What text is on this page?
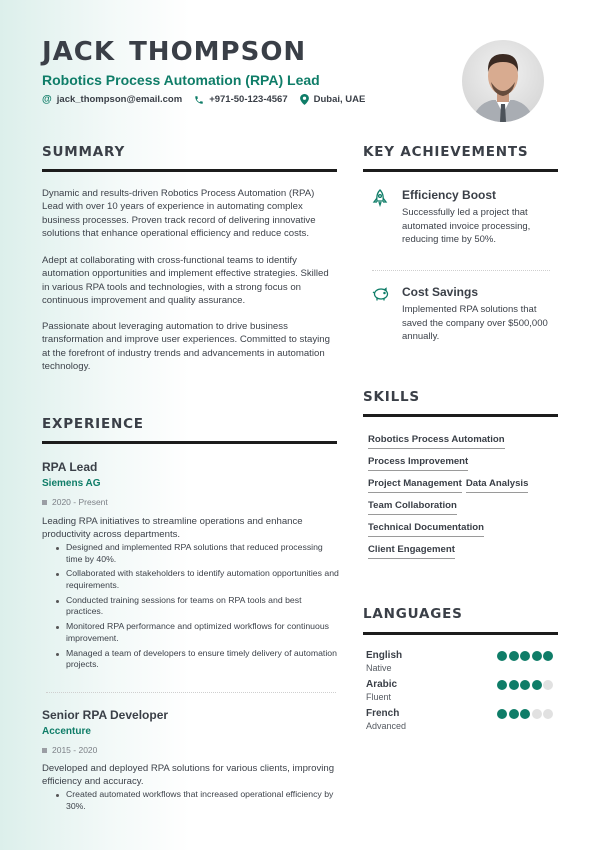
JACK THOMPSON
Robotics Process Automation (RPA) Lead
@ jack_thompson@email.com	+971-50-123-4567	Dubai, UAE
SUMMARY
Dynamic and results-driven Robotics Process Automation (RPA) Lead with over 10 years of experience in automating complex business processes. Proven track record of delivering innovative solutions that enhance operational efficiency and reduce costs.
Adept at collaborating with cross-functional teams to identify automation opportunities and implement effective strategies. Skilled in various RPA tools and technologies, with a strong focus on continuous improvement and quality assurance.
Passionate about leveraging automation to drive business transformation and improve user experiences. Committed to staying at the forefront of industry trends and advancements in automation technology.
EXPERIENCE
RPA Lead
Siemens AG
2020 - Present
Leading RPA initiatives to streamline operations and enhance productivity across departments.
Designed and implemented RPA solutions that reduced processing time by 40%.
Collaborated with stakeholders to identify automation opportunities and requirements.
Conducted training sessions for teams on RPA tools and best practices.
Monitored RPA performance and optimized workflows for continuous improvement.
Managed a team of developers to ensure timely delivery of automation projects.
Senior RPA Developer
Accenture
2015 - 2020
Developed and deployed RPA solutions for various clients, improving efficiency and accuracy.
Created automated workflows that increased operational efficiency by 30%.
KEY ACHIEVEMENTS
Efficiency Boost
Successfully led a project that automated invoice processing, reducing time by 50%.
Cost Savings
Implemented RPA solutions that saved the company over $500,000 annually.
SKILLS
Robotics Process Automation
Process Improvement
Project Management Data Analysis
Team Collaboration
Technical Documentation
Client Engagement
LANGUAGES
English
Native
Arabic
Fluent
French
Advanced
